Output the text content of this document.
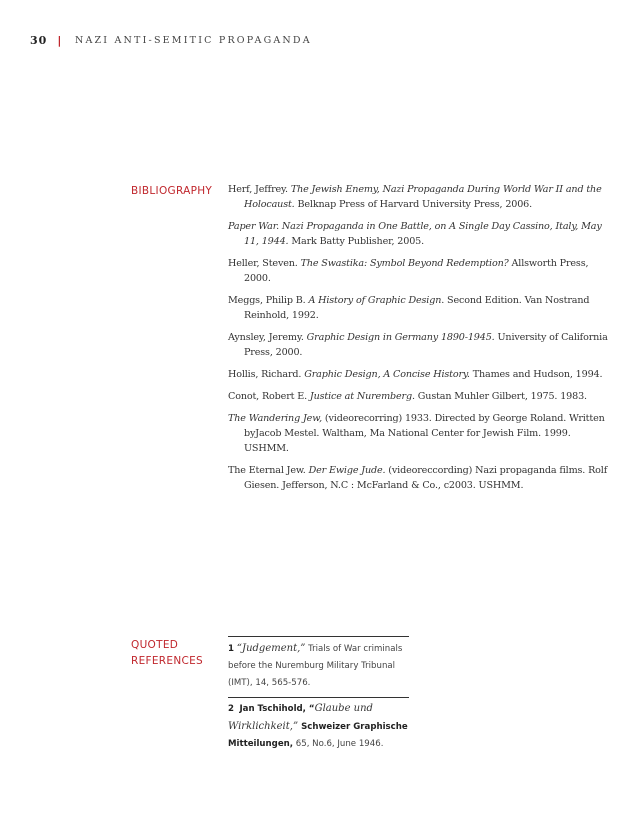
30 | NAZI ANTI-SEMITIC PROPAGANDA
BIBLIOGRAPHY Herf, Jeffrey. The Jewish Enemy, Nazi Propaganda During World War II and the Holocaust. Belknap Press of Harvard University Press, 2006.
Paper War. Nazi Propaganda in One Battle, on A Single Day Cassino, Italy, May 11, 1944. Mark Batty Publisher, 2005.
Heller, Steven. The Swastika: Symbol Beyond Redemption? Allsworth Press, 2000.
Meggs, Philip B. A History of Graphic Design. Second Edition. Van Nostrand Reinhold, 1992.
Aynsley, Jeremy. Graphic Design in Germany 1890-1945. University of California Press, 2000.
Hollis, Richard. Graphic Design, A Concise History. Thames and Hudson, 1994.
Conot, Robert E. Justice at Nuremberg. Gustan Muhler Gilbert, 1975. 1983.
The Wandering Jew, (videorecorring) 1933. Directed by George Roland. Written byJacob Mestel. Waltham, Ma National Center for Jewish Film. 1999. USHMM.
The Eternal Jew. Der Ewige Jude. (videoreccording) Nazi propaganda films. Rolf Giesen. Jefferson, N.C : McFarland & Co., c2003. USHMM.
QUOTED
REFERENCES
1 “Judgement,” Trials of War criminals before the Nuremburg Military Tribunal (IMT), 14, 565-576.
2 Jan Tschihold, “Glaube und Wirklichkeit,” Schweizer Graphische Mitteilungen, 65, No.6, June 1946.
